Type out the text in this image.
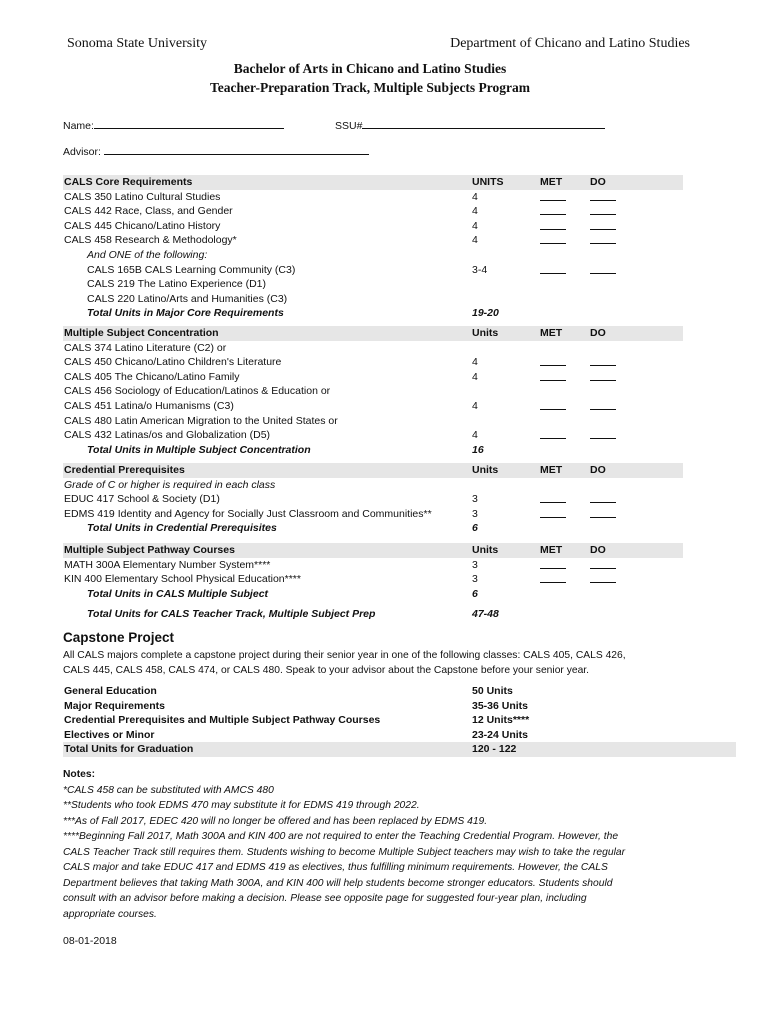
Sonoma State University	Department of Chicano and Latino Studies
Bachelor of Arts in Chicano and Latino Studies
Teacher-Preparation Track, Multiple Subjects Program
Name:	SSU#
Advisor:
CALS Core Requirements	UNITS	MET	DO
CALS 350 Latino Cultural Studies	4
CALS 442 Race, Class, and Gender	4
CALS 445 Chicano/Latino History	4
CALS 458 Research & Methodology*	4
And ONE of the following:
CALS 165B CALS Learning Community (C3)	3-4
CALS 219 The Latino Experience (D1)
CALS 220 Latino/Arts and Humanities (C3)
Total Units in Major Core Requirements	19-20
Multiple Subject Concentration	Units	MET	DO
CALS 374 Latino Literature (C2) or
CALS 450 Chicano/Latino Children's Literature	4
CALS 405 The Chicano/Latino Family	4
CALS 456 Sociology of Education/Latinos & Education or
CALS 451 Latina/o Humanisms (C3)	4
CALS 480 Latin American Migration to the United States or
CALS 432 Latinas/os and Globalization (D5)	4
Total Units in Multiple Subject Concentration	16
Credential Prerequisites	Units	MET	DO
Grade of C or higher is required in each class
EDUC 417 School & Society (D1)	3
EDMS 419 Identity and Agency for Socially Just Classroom and Communities**	3
Total Units in Credential Prerequisites	6
Multiple Subject Pathway Courses	Units	MET	DO
MATH 300A Elementary Number System****	3
KIN 400 Elementary School Physical Education****	3
Total Units in CALS Multiple Subject	6
Total Units for CALS Teacher Track, Multiple Subject Prep	47-48
Capstone Project
All CALS majors complete a capstone project during their senior year in one of the following classes: CALS 405, CALS 426,
CALS 445, CALS 458, CALS 474, or CALS 480. Speak to your advisor about the Capstone before your senior year.
General Education	50 Units
Major Requirements	35-36 Units
Credential Prerequisites and Multiple Subject Pathway Courses	12 Units****
Electives or Minor	23-24 Units
Total Units for Graduation	120 - 122
Notes:
*CALS 458 can be substituted with AMCS 480
**Students who took EDMS 470 may substitute it for EDMS 419 through 2022.
***As of Fall 2017, EDEC 420 will no longer be offered and has been replaced by EDMS 419.
****Beginning Fall 2017, Math 300A and KIN 400 are not required to enter the Teaching Credential Program. However, the
CALS Teacher Track still requires them. Students wishing to become Multiple Subject teachers may wish to take the regular
CALS major and take EDUC 417 and EDMS 419 as electives, thus fulfilling minimum requirements. However, the CALS
Department believes that taking Math 300A, and KIN 400 will help students become stronger educators. Students should
consult with an advisor before making a decision. Please see opposite page for suggested four-year plan, including
appropriate courses.
08-01-2018
